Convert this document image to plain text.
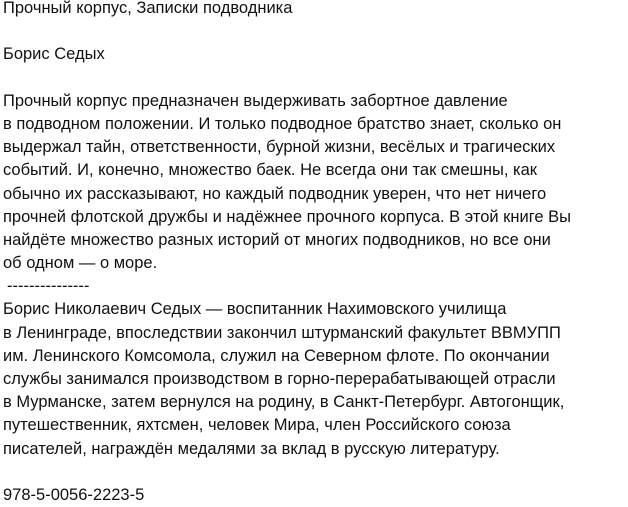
Прочный корпус, Записки подводника
Борис Седых
Прочный корпус предназначен выдерживать забортное давление
в подводном положении. И только подводное братство знает, сколько он
выдержал тайн, ответственности, бурной жизни, весёлых и трагических
событий. И, конечно, множество баек. Не всегда они так смешны, как
обычно их рассказывают, но каждый подводник уверен, что нет ничего
прочней флотской дружбы и надёжнее прочного корпуса. В этой книге Вы
найдёте множество разных историй от многих подводников, но все они
об одном — о море.
---------------
Борис Николаевич Седых — воспитанник Нахимовского училища
в Ленинграде, впоследствии закончил штурманский факультет ВВМУПП
им. Ленинского Комсомола, служил на Северном флоте. По окончании
службы занимался производством в горно-перерабатывающей отрасли
в Мурманске, затем вернулся на родину, в Санкт-Петербург. Автогонщик,
путешественник, яхтсмен, человек Мира, член Российского союза
писателей, награждён медалями за вклад в русскую литературу.
978-5-0056-2223-5
